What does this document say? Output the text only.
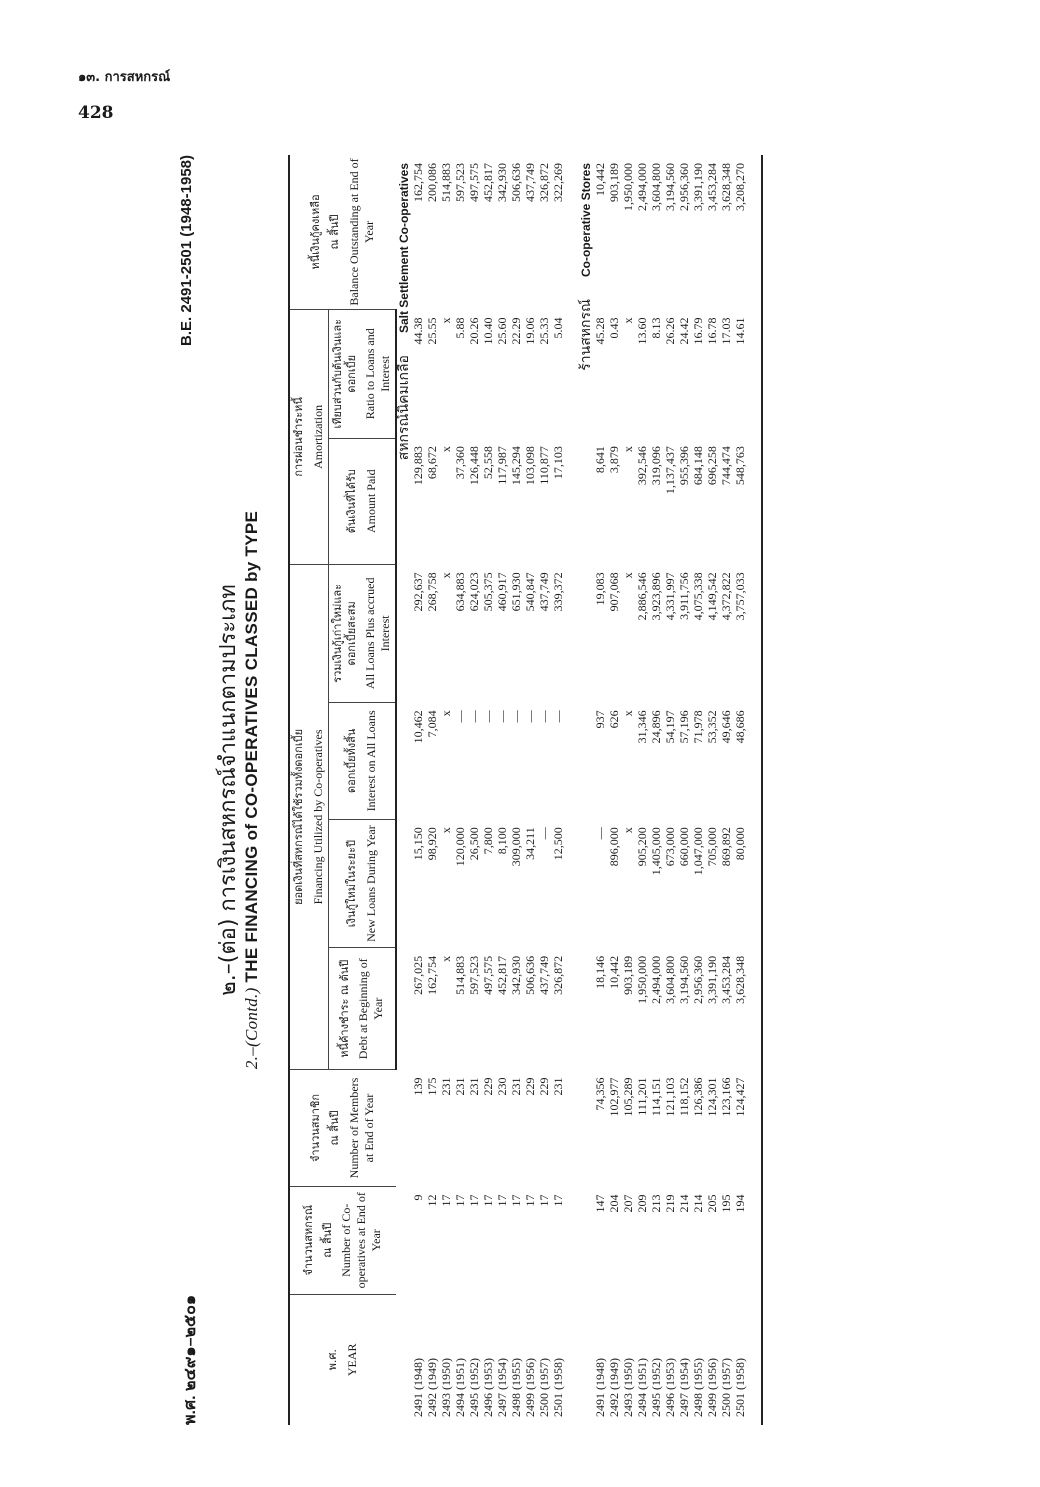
๑๓. การสหกรณ์
428
พ.ศ. ๒๔๙๑–๒๕๐๑
B.E. 2491-2501 (1948-1958)
๒.–(ต่อ) การเงินสหกรณ์จำแนกตามประเภท
2.–(Contd.) THE FINANCING of CO-OPERATIVES CLASSED by TYPE
พ.ศ. YEAR	จำนวนสหกรณ์ ณ สิ้นปี Number of Co-operatives at End of Year	จำนวนสมาชิก ณ สิ้นปี Number of Members at End of Year	ยอดเงินที่สหกรณ์ได้ใช้รวมทั้งดอกเบี้ย Financing Utilized by Co-operatives				การผ่อนชำระหนี้ Amortization		หนี้เงินกู้คงเหลือ ณ สิ้นปี Balance Outstanding at End of Year

			หนี้ค้างชำระ ณ ต้นปี Debt at Beginning of Year	เงินกู้ใหม่ในระยะปี New Loans During Year	ดอกเบี้ยทั้งสิ้น Interest on All Loans	รวมเงินกู้เก่าใหม่และดอกเบี้ยสะสม All Loans Plus accrued Interest	ต้นเงินที่ได้รับ Amount Paid	เทียบส่วนกับต้นเงินและดอกเบี้ย Ratio to Loans and Interest	
สหกรณ์นิคมเกลือSalt Settlement Co-operatives									
2491 (1948)	9	139	267,025	15,150	10,462	292,637	129,883	44.38	162,754
2492 (1949)	12	175	162,754	98,920	7,084	268,758	68,672	25.55	200,086
2493 (1950)	17	231	x	x	x	x	x	x	514,883
2494 (1951)	17	231	514,883	120,000	—	634,883	37,360	5.88	597,523
2495 (1952)	17	231	597,523	26,500	—	624,023	126,448	20.26	497,575
2496 (1953)	17	229	497,575	7,800	—	505,375	52,558	10.40	452,817
2497 (1954)	17	230	452,817	8,100	—	460,917	117,987	25.60	342,930
2498 (1955)	17	231	342,930	309,000	—	651,930	145,294	22.29	506,636
2499 (1956)	17	229	506,636	34,211	—	540,847	103,098	19.06	437,749
2500 (1957)	17	229	437,749	—	—	437,749	110,877	25.33	326,872
2501 (1958)	17	231	326,872	12,500	—	339,372	17,103	5.04	322,269

ร้านสหกรณ์Co-operative Stores									
2491 (1948)	147	74,356	18,146	—	937	19,083	8,641	45.28	10,442
2492 (1949)	204	102,977	10,442	896,000	626	907,068	3,879	0.43	903,189
2493 (1950)	207	105,289	903,189	x	x	x	x	x	1,950,000
2494 (1951)	209	111,201	1,950,000	905,200	31,346	2,886,546	392,546	13.60	2,494,000
2495 (1952)	213	114,151	2,494,000	1,405,000	24,896	3,923,896	319,096	8.13	3,604,800
2496 (1953)	219	121,103	3,604,800	673,000	54,197	4,331,997	1,137,437	26.26	3,194,560
2497 (1954)	214	118,152	3,194,560	660,000	57,196	3,911,756	955,396	24.42	2,956,360
2498 (1955)	214	126,386	2,956,360	1,047,000	71,978	4,075,338	684,148	16.79	3,391,190
2499 (1956)	205	124,301	3,391,190	705,000	53,352	4,149,542	696,258	16.78	3,453,284
2500 (1957)	195	123,166	3,453,284	869,892	49,646	4,372,822	744,474	17.03	3,628,348
2501 (1958)	194	124,427	3,628,348	80,000	48,686	3,757,033	548,763	14.61	3,208,270
